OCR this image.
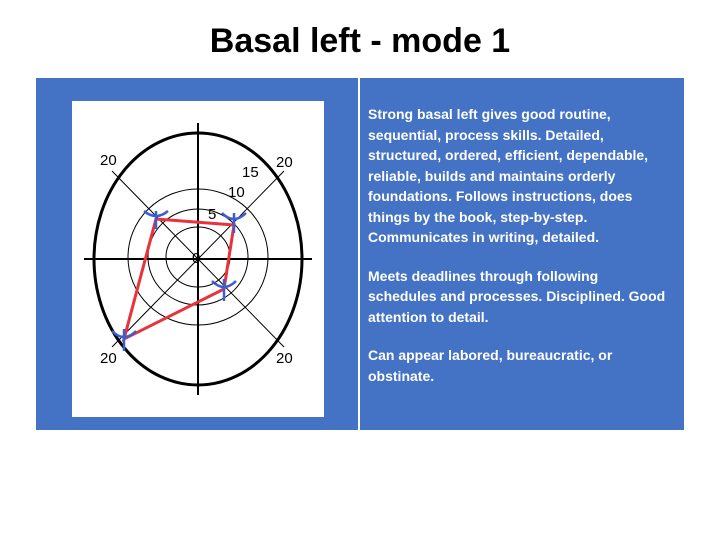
Basal left - mode 1
0
5
10
15
20	20
20	20

Strong basal left gives good routine, sequential, process skills. Detailed, structured, ordered, efficient, dependable, reliable, builds and maintains orderly foundations. Follows instructions, does things by the book, step-by-step. Communicates in writing, detailed.

Meets deadlines through following schedules and processes. Disciplined. Good attention to detail.

Can appear labored, bureaucratic, or obstinate.
